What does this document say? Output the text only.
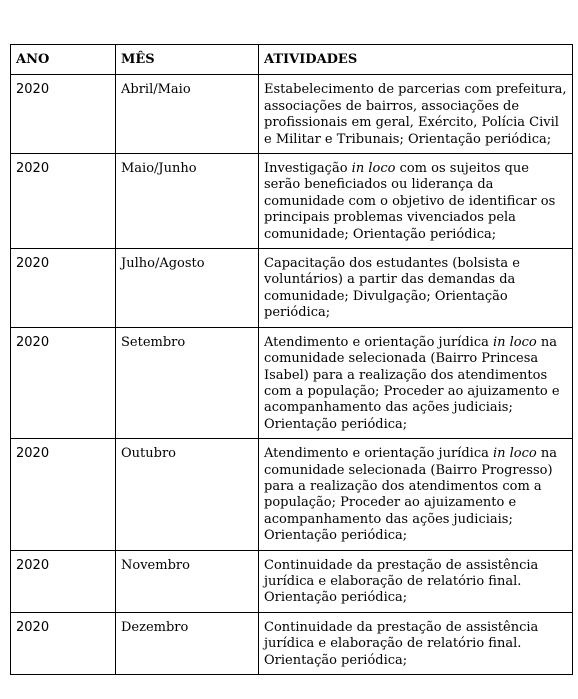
ANO	MÊS	ATIVIDADES
2020	Abril/Maio	Estabelecimento de parcerias com prefeitura, associações de bairros, associações de profissionais em geral, Exército, Polícia Civil e Militar e Tribunais; Orientação periódica;
2020	Maio/Junho	Investigação in loco com os sujeitos que serão beneficiados ou liderança da comunidade com o objetivo de identificar os principais problemas vivenciados pela comunidade; Orientação periódica;
2020	Julho/Agosto	Capacitação dos estudantes (bolsista e voluntários) a partir das demandas da comunidade; Divulgação; Orientação periódica;
2020	Setembro	Atendimento e orientação jurídica in loco na comunidade selecionada (Bairro Princesa Isabel) para a realização dos atendimentos com a população; Proceder ao ajuizamento e acompanhamento das ações judiciais; Orientação periódica;
2020	Outubro	Atendimento e orientação jurídica in loco na comunidade selecionada (Bairro Progresso) para a realização dos atendimentos com a população; Proceder ao ajuizamento e acompanhamento das ações judiciais; Orientação periódica;
2020	Novembro	Continuidade da prestação de assistência jurídica e elaboração de relatório final. Orientação periódica;
2020	Dezembro	Continuidade da prestação de assistência jurídica e elaboração de relatório final. Orientação periódica;
